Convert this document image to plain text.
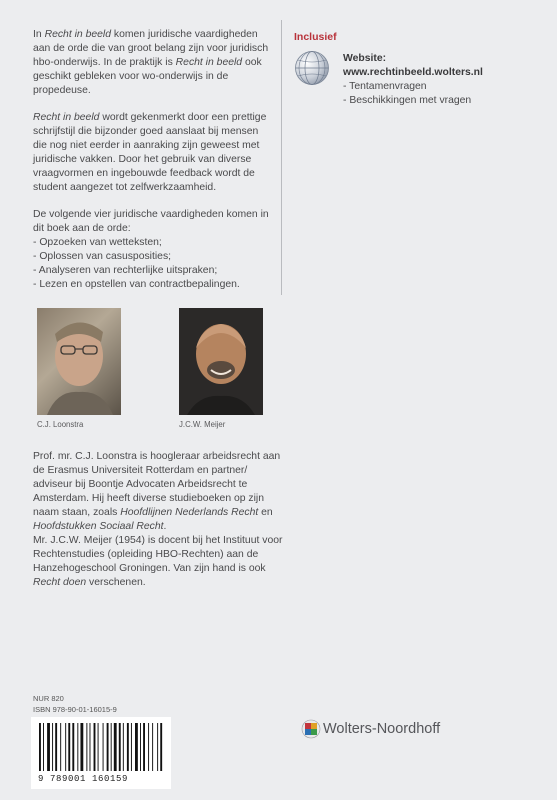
In Recht in beeld komen juridische vaardigheden aan de orde die van groot belang zijn voor juridisch hbo-onderwijs. In de praktijk is Recht in beeld ook geschikt gebleken voor wo-onderwijs in de propedeuse.

Recht in beeld wordt gekenmerkt door een prettige schrijfstijl die bijzonder goed aanslaat bij mensen die nog niet eerder in aanraking zijn geweest met juridische vakken. Door het gebruik van diverse vraagvormen en ingebouwde feedback wordt de student aangezet tot zelfwerkzaamheid.

De volgende vier juridische vaardigheden komen in dit boek aan de orde:

- Opzoeken van wetteksten;
- Oplossen van casusposities;
- Analyseren van rechterlijke uitspraken;
- Lezen en opstellen van contractbepalingen.
Inclusief
Website:
www.rechtinbeeld.wolters.nl
- Tentamenvragen
- Beschikkingen met vragen
C.J. Loonstra	J.C.W. Meijer

Prof. mr. C.J. Loonstra is hoogleraar arbeidsrecht aan de Erasmus Universiteit Rotterdam en partner/ adviseur bij Boontje Advocaten Arbeidsrecht te Amsterdam. Hij heeft diverse studieboeken op zijn naam staan, zoals Hoofdlijnen Nederlands Recht en Hoofdstukken Sociaal Recht.

Mr. J.C.W. Meijer (1954) is docent bij het Instituut voor Rechtenstudies (opleiding HBO-Rechten) aan de Hanzehogeschool Groningen. Van zijn hand is ook Recht doen verschenen.

NUR 820
ISBN 978-90-01-16015-9
9 789001 160159
Wolters-Noordhoff
